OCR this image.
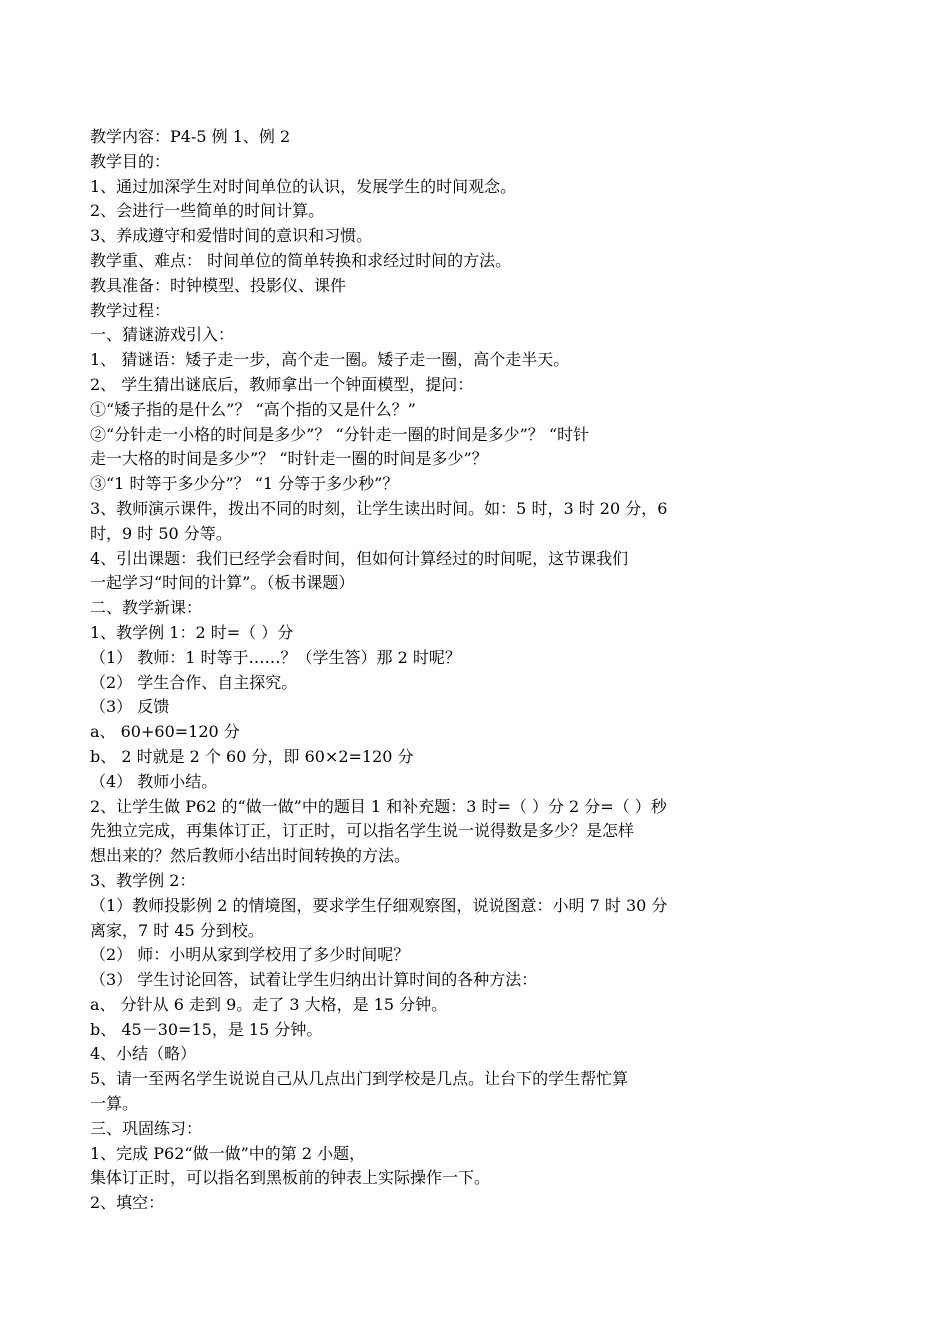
教学内容：P4-5 例 1、例 2
教学目的：
1、通过加深学生对时间单位的认识，发展学生的时间观念。
2、会进行一些简单的时间计算。
3、养成遵守和爱惜时间的意识和习惯。
教学重、难点： 时间单位的简单转换和求经过时间的方法。
教具准备：时钟模型、投影仪、课件
教学过程：
一、猜谜游戏引入：
1、 猜谜语：矮子走一步，高个走一圈。矮子走一圈，高个走半天。
2、 学生猜出谜底后，教师拿出一个钟面模型，提问：
①“矮子指的是什么”？ “高个指的又是什么？”
②“分针走一小格的时间是多少”？ “分针走一圈的时间是多少”？ “时针
走一大格的时间是多少”？ “时针走一圈的时间是多少”？
③“1 时等于多少分”？ “1 分等于多少秒”？
3、教师演示课件，拨出不同的时刻，让学生读出时间。如：5 时，3 时 20 分，6
时，9 时 50 分等。
4、引出课题：我们已经学会看时间，但如何计算经过的时间呢，这节课我们
一起学习“时间的计算”。（板书课题）
二、教学新课：
1、教学例 1：2 时=（ ）分
（1） 教师：1 时等于……？（学生答）那 2 时呢？
（2） 学生合作、自主探究。
（3） 反馈
a、 60+60=120 分
b、 2 时就是 2 个 60 分，即 60×2=120 分
（4） 教师小结。
2、让学生做 P62 的“做一做”中的题目 1 和补充题：3 时=（ ）分 2 分=（ ）秒
先独立完成，再集体订正，订正时，可以指名学生说一说得数是多少？是怎样
想出来的？然后教师小结出时间转换的方法。
3、教学例 2：
（1）教师投影例 2 的情境图，要求学生仔细观察图，说说图意：小明 7 时 30 分
离家，7 时 45 分到校。
（2） 师：小明从家到学校用了多少时间呢？
（3） 学生讨论回答，试着让学生归纳出计算时间的各种方法：
a、 分针从 6 走到 9。走了 3 大格，是 15 分钟。
b、 45－30=15，是 15 分钟。
4、小结（略）
5、请一至两名学生说说自己从几点出门到学校是几点。让台下的学生帮忙算
一算。
三、巩固练习：
1、完成 P62“做一做”中的第 2 小题，
集体订正时，可以指名到黑板前的钟表上实际操作一下。
2、填空：
